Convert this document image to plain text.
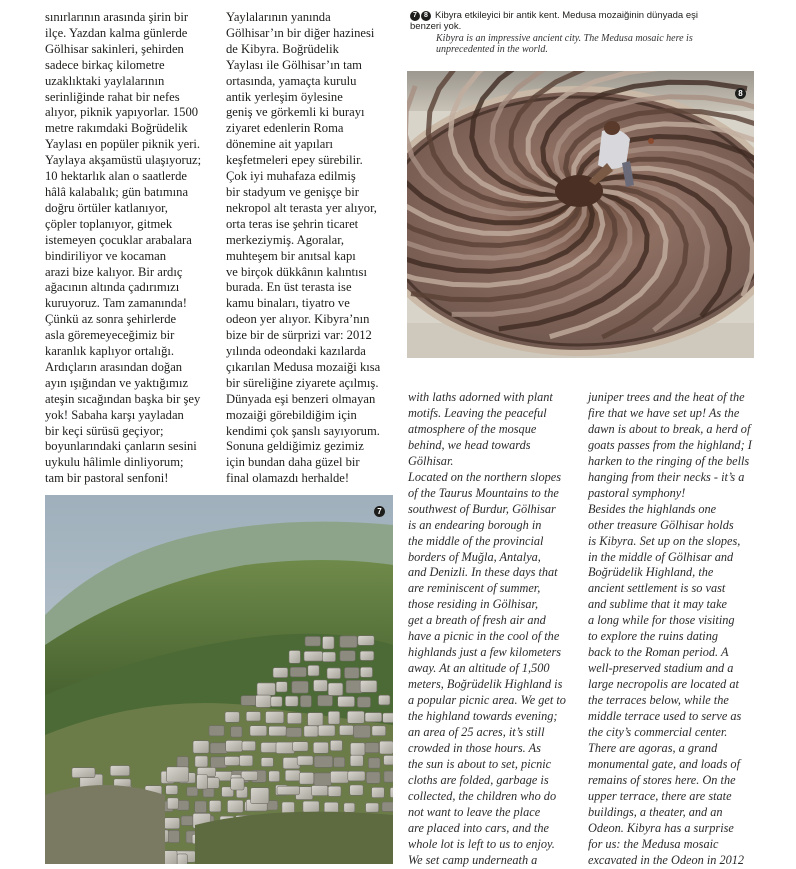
sınırlarının arasında şirin bir
ilçe. Yazdan kalma günlerde
Gölhisar sakinleri, şehirden
sadece birkaç kilometre
uzaklıktaki yaylalarının
serinliğinde rahat bir nefes
alıyor, piknik yapıyorlar. 1500
metre rakımdaki Boğrüdelik
Yaylası en popüler piknik yeri.
Yaylaya akşamüstü ulaşıyoruz;
10 hektarlık alan o saatlerde
hâlâ kalabalık; gün batımına
doğru örtüler katlanıyor,
çöpler toplanıyor, gitmek
istemeyen çocuklar arabalara
bindiriliyor ve kocaman
arazi bize kalıyor. Bir ardıç
ağacının altında çadırımızı
kuruyoruz. Tam zamanında!
Çünkü az sonra şehirlerde
asla göremeyeceğimiz bir
karanlık kaplıyor ortalığı.
Ardıçların arasından doğan
ayın ışığından ve yaktığımız
ateşin sıcağından başka bir şey
yok! Sabaha karşı yayladan
bir keçi sürüsü geçiyor;
boyunlarındaki çanların sesini
uykulu hâlimle dinliyorum;
tam bir pastoral senfoni!

Yaylalarının yanında
Gölhisar’ın bir diğer hazinesi
de Kibyra. Boğrüdelik
Yaylası ile Gölhisar’ın tam
ortasında, yamaçta kurulu
antik yerleşim öylesine
geniş ve görkemli ki burayı
ziyaret edenlerin Roma
dönemine ait yapıları
keşfetmeleri epey sürebilir.
Çok iyi muhafaza edilmiş
bir stadyum ve genişçe bir
nekropol alt terasta yer alıyor,
orta teras ise şehrin ticaret
merkeziymiş. Agoralar,
muhteşem bir anıtsal kapı
ve birçok dükkânın kalıntısı
burada. En üst terasta ise
kamu binaları, tiyatro ve
odeon yer alıyor. Kibyra’nın
bize bir de sürprizi var: 2012
yılında odeondaki kazılarda
çıkarılan Medusa mozaiği kısa
bir süreliğine ziyarete açılmış.
Dünyada eşi benzeri olmayan
mozaiği görebildiğim için
kendimi çok şanslı sayıyorum.
Sonuna geldiğimiz gezimiz
için bundan daha güzel bir
final olamazdı herhalde!

7 8 Kibyra etkileyici bir antik kent. Medusa mozaiğinin dünyada eşi
benzeri yok.
Kibyra is an impressive ancient city. The Medusa mosaic here is
unprecedented in the world.
8

with laths adorned with plant
motifs. Leaving the peaceful
atmosphere of the mosque
behind, we head towards
Gölhisar.
Located on the northern slopes
of the Taurus Mountains to the
southwest of Burdur, Gölhisar
is an endearing borough in
the middle of the provincial
borders of Muğla, Antalya,
and Denizli. In these days that
are reminiscent of summer,
those residing in Gölhisar,
get a breath of fresh air and
have a picnic in the cool of the
highlands just a few kilometers
away. At an altitude of 1,500
meters, Boğrüdelik Highland is
a popular picnic area. We get to
the highland towards evening;
an area of 25 acres, it’s still
crowded in those hours. As
the sun is about to set, picnic
cloths are folded, garbage is
collected, the children who do
not want to leave the place
are placed into cars, and the
whole lot is left to us to enjoy.
We set camp underneath a

juniper trees and the heat of the
fire that we have set up! As the
dawn is about to break, a herd of
goats passes from the highland; I
harken to the ringing of the bells
hanging from their necks - it’s a
pastoral symphony!
Besides the highlands one
other treasure Gölhisar holds
is Kibyra. Set up on the slopes,
in the middle of Gölhisar and
Boğrüdelik Highland, the
ancient settlement is so vast
and sublime that it may take
a long while for those visiting
to explore the ruins dating
back to the Roman period. A
well-preserved stadium and a
large necropolis are located at
the terraces below, while the
middle terrace used to serve as
the city’s commercial center.
There are agoras, a grand
monumental gate, and loads of
remains of stores here. On the
upper terrace, there are state
buildings, a theater, and an
Odeon. Kibyra has a surprise
for us: the Medusa mosaic
excavated in the Odeon in 2012

7
